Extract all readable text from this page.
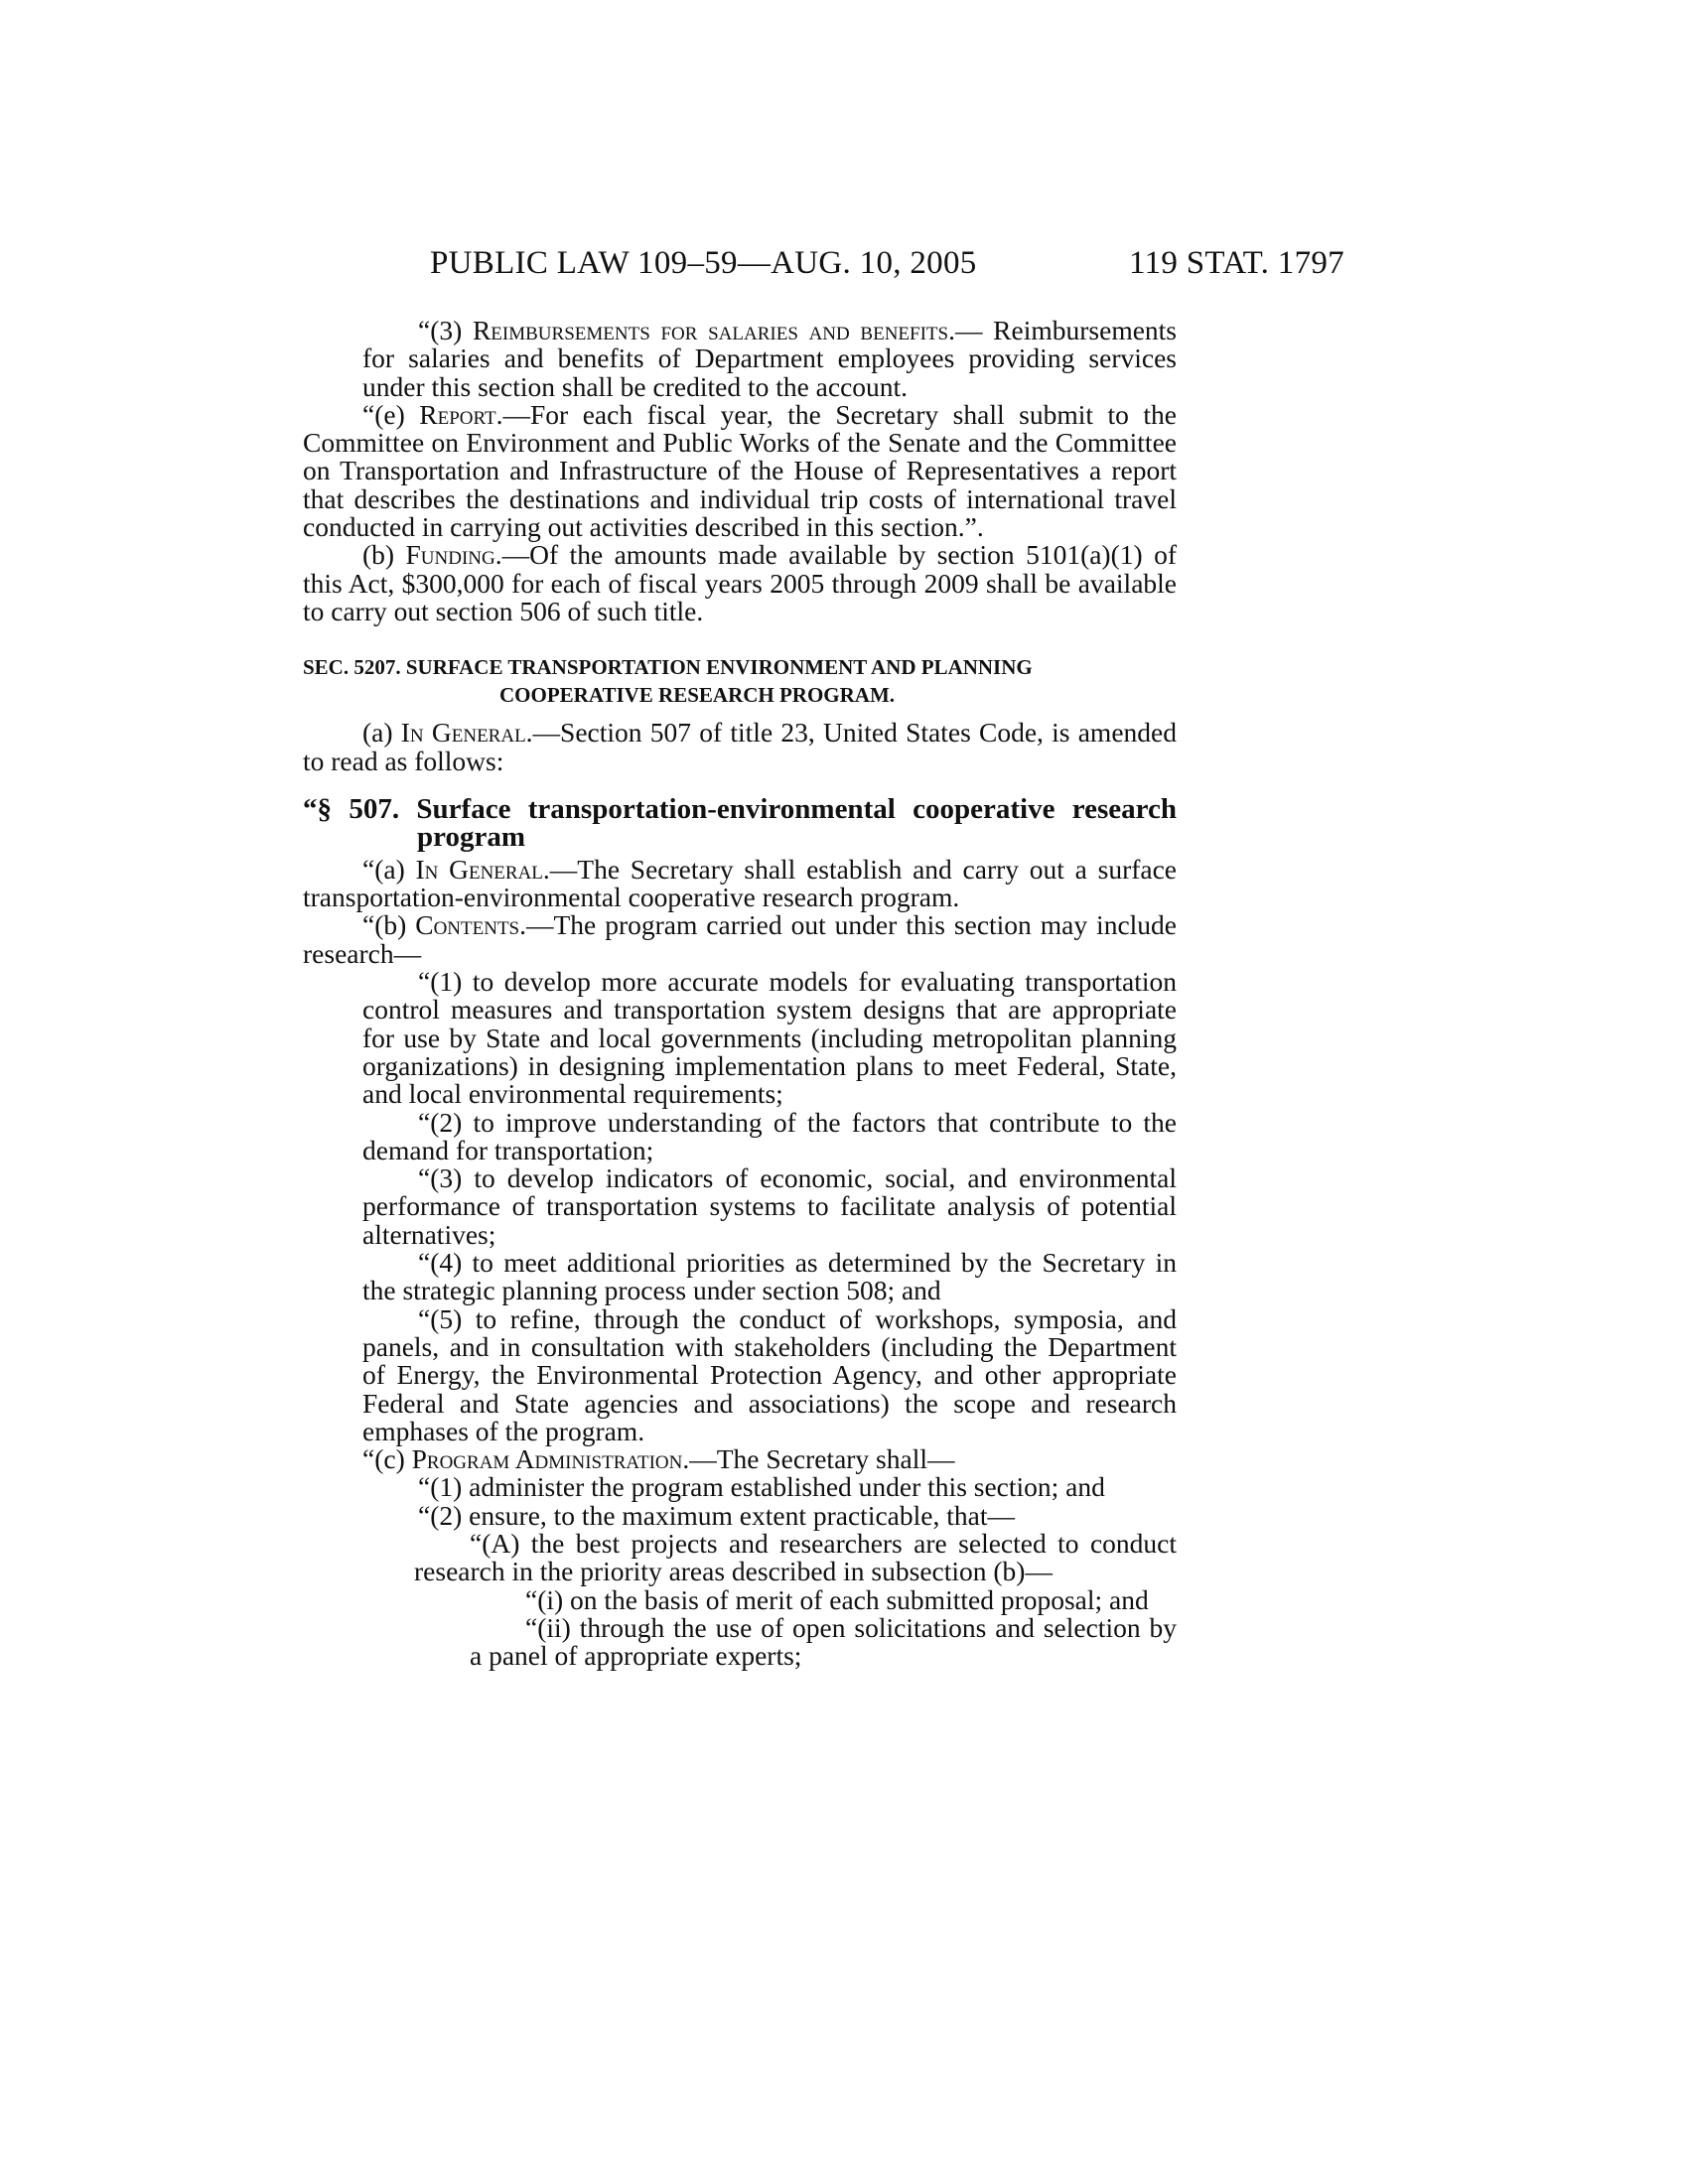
PUBLIC LAW 109–59—AUG. 10, 2005	119 STAT. 1797

“(3) Reimbursements for salaries and benefits.— Reimbursements for salaries and benefits of Department employees providing services under this section shall be credited to the account.

“(e) Report.—For each fiscal year, the Secretary shall submit to the Committee on Environment and Public Works of the Senate and the Committee on Transportation and Infrastructure of the House of Representatives a report that describes the destinations and individual trip costs of international travel conducted in carrying out activities described in this section.”.

(b) Funding.—Of the amounts made available by section 5101(a)(1) of this Act, $300,000 for each of fiscal years 2005 through 2009 shall be available to carry out section 506 of such title.

SEC. 5207. SURFACE TRANSPORTATION ENVIRONMENT AND PLANNING COOPERATIVE RESEARCH PROGRAM.

(a) In General.—Section 507 of title 23, United States Code, is amended to read as follows:

“§ 507. Surface transportation-environmental cooperative research program

“(a) In General.—The Secretary shall establish and carry out a surface transportation-environmental cooperative research program.

“(b) Contents.—The program carried out under this section may include research—

“(1) to develop more accurate models for evaluating transportation control measures and transportation system designs that are appropriate for use by State and local governments (including metropolitan planning organizations) in designing implementation plans to meet Federal, State, and local environmental requirements;

“(2) to improve understanding of the factors that contribute to the demand for transportation;

“(3) to develop indicators of economic, social, and environmental performance of transportation systems to facilitate analysis of potential alternatives;

“(4) to meet additional priorities as determined by the Secretary in the strategic planning process under section 508; and

“(5) to refine, through the conduct of workshops, symposia, and panels, and in consultation with stakeholders (including the Department of Energy, the Environmental Protection Agency, and other appropriate Federal and State agencies and associations) the scope and research emphases of the program.

“(c) Program Administration.—The Secretary shall—

“(1) administer the program established under this section; and

“(2) ensure, to the maximum extent practicable, that—

“(A) the best projects and researchers are selected to conduct research in the priority areas described in subsection (b)—

“(i) on the basis of merit of each submitted proposal; and

“(ii) through the use of open solicitations and selection by a panel of appropriate experts;
